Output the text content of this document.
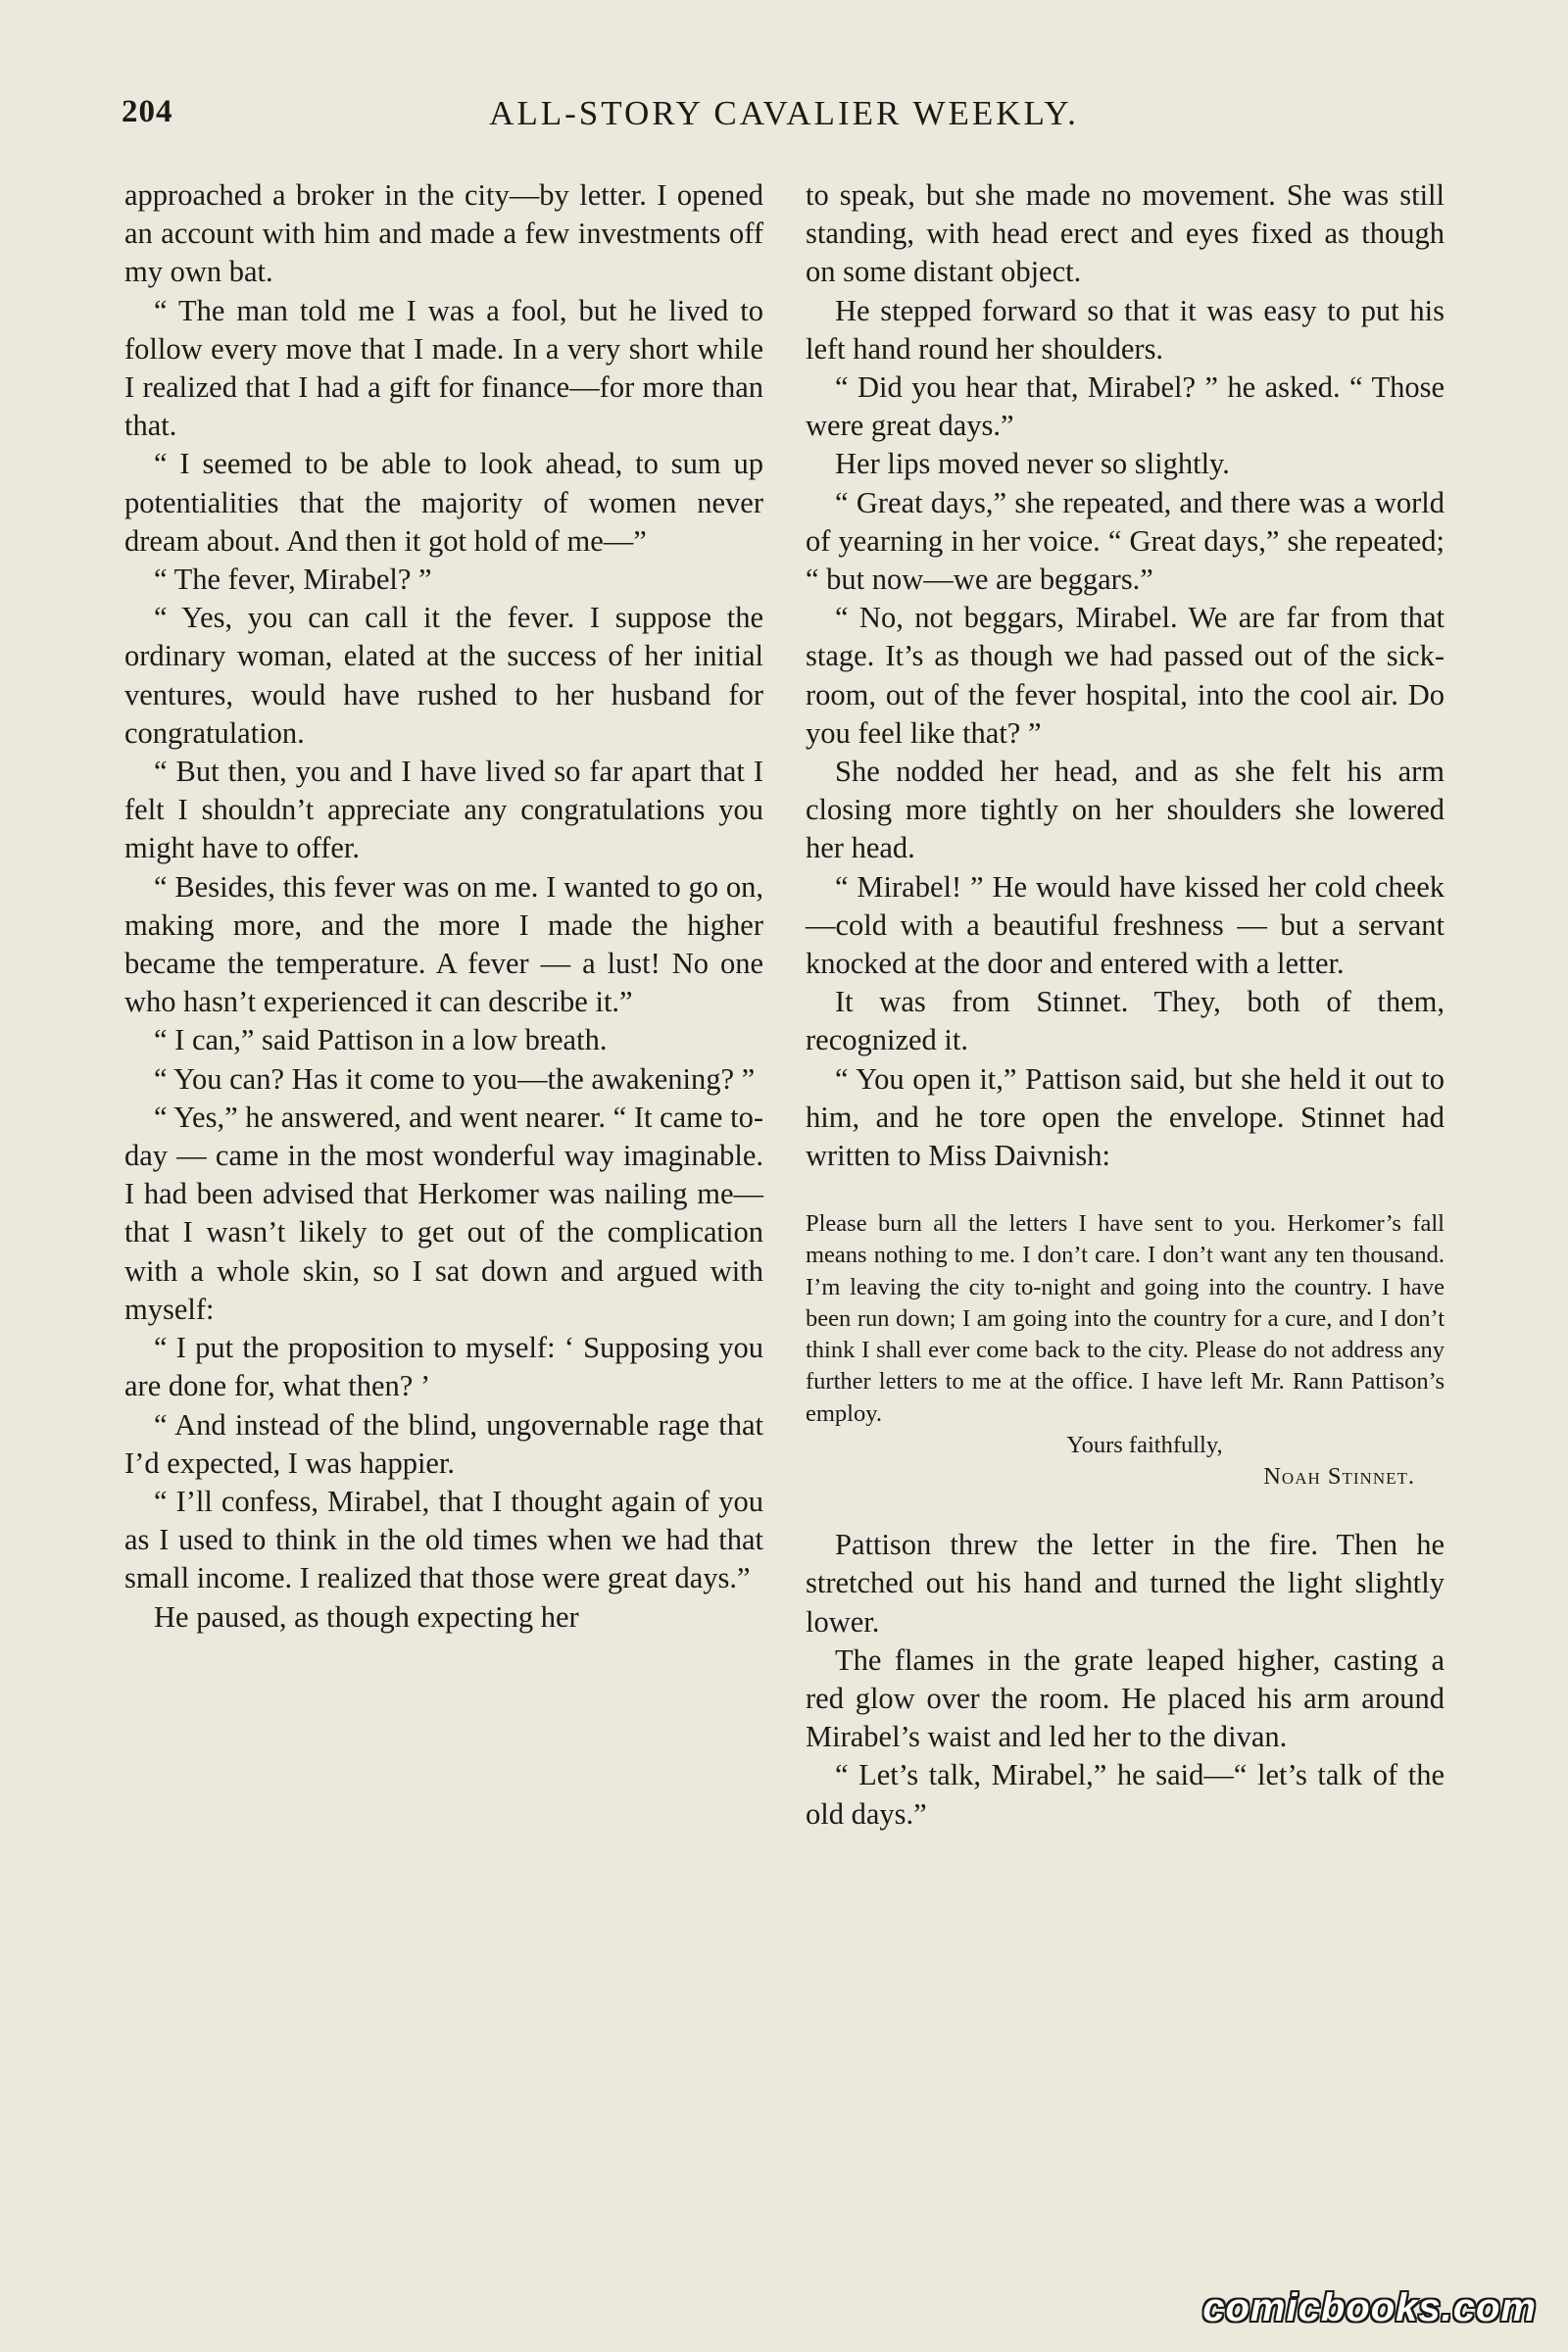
204	ALL-STORY CAVALIER WEEKLY.

approached a broker in the city—by letter. I opened an account with him and made a few investments off my own bat.

“ The man told me I was a fool, but he lived to follow every move that I made. In a very short while I realized that I had a gift for finance—for more than that.

“ I seemed to be able to look ahead, to sum up potentialities that the majority of women never dream about. And then it got hold of me—”

“ The fever, Mirabel? ”

“ Yes, you can call it the fever. I suppose the ordinary woman, elated at the success of her initial ventures, would have rushed to her husband for congratulation.

“ But then, you and I have lived so far apart that I felt I shouldn’t appreciate any congratulations you might have to offer.

“ Besides, this fever was on me. I wanted to go on, making more, and the more I made the higher became the temperature. A fever — a lust! No one who hasn’t experienced it can describe it.”

“ I can,” said Pattison in a low breath.

“ You can? Has it come to you—the awakening? ”

“ Yes,” he answered, and went nearer. “ It came to-day — came in the most wonderful way imaginable. I had been advised that Herkomer was nailing me—that I wasn’t likely to get out of the complication with a whole skin, so I sat down and argued with myself:

“ I put the proposition to myself: ‘ Supposing you are done for, what then? ’

“ And instead of the blind, ungovernable rage that I’d expected, I was happier.

“ I’ll confess, Mirabel, that I thought again of you as I used to think in the old times when we had that small income. I realized that those were great days.”

He paused, as though expecting her

to speak, but she made no movement. She was still standing, with head erect and eyes fixed as though on some distant object.

He stepped forward so that it was easy to put his left hand round her shoulders.

“ Did you hear that, Mirabel? ” he asked. “ Those were great days.”

Her lips moved never so slightly.

“ Great days,” she repeated, and there was a world of yearning in her voice. “ Great days,” she repeated; “ but now—we are beggars.”

“ No, not beggars, Mirabel. We are far from that stage. It’s as though we had passed out of the sick-room, out of the fever hospital, into the cool air. Do you feel like that? ”

She nodded her head, and as she felt his arm closing more tightly on her shoulders she lowered her head.

“ Mirabel! ” He would have kissed her cold cheek—cold with a beautiful freshness — but a servant knocked at the door and entered with a letter.

It was from Stinnet. They, both of them, recognized it.

“ You open it,” Pattison said, but she held it out to him, and he tore open the envelope. Stinnet had written to Miss Daivnish:

Please burn all the letters I have sent to you. Herkomer’s fall means nothing to me. I don’t care. I don’t want any ten thousand. I’m leaving the city to-night and going into the country. I have been run down; I am going into the country for a cure, and I don’t think I shall ever come back to the city. Please do not address any further letters to me at the office. I have left Mr. Rann Pattison’s employ.

Yours faithfully,

Noah Stinnet.

Pattison threw the letter in the fire. Then he stretched out his hand and turned the light slightly lower.

The flames in the grate leaped higher, casting a red glow over the room. He placed his arm around Mirabel’s waist and led her to the divan.

“ Let’s talk, Mirabel,” he said—“ let’s talk of the old days.”

comicbooks.com
